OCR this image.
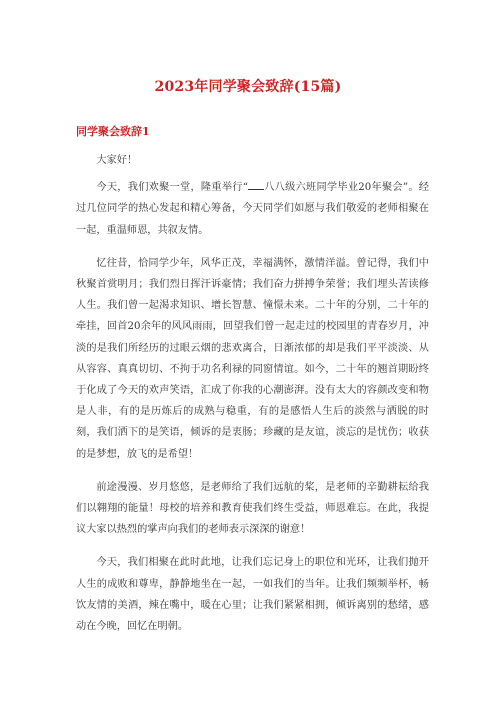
2023年同学聚会致辞(15篇)
同学聚会致辞1

大家好！

今天，我们欢聚一堂，隆重举行“ 八八级六班同学毕业20年聚会”。经过几位同学的热心发起和精心筹备，今天同学们如愿与我们敬爱的老师相聚在一起，重温师恩，共叙友情。

忆往昔，恰同学少年，风华正茂，幸福满怀，激情洋溢。曾记得，我们中秋聚首赏明月；我们烈日挥汗诉豪情；我们奋力拼搏争荣誉；我们埋头苦读修人生。我们曾一起渴求知识、增长智慧、憧憬未来。二十年的分别，二十年的牵挂，回首20余年的风风雨雨，回望我们曾一起走过的校园里的青春岁月，冲淡的是我们所经历的过眼云烟的悲欢离合，日渐浓郁的却是我们平平淡淡、从从容容、真真切切、不拘于功名利禄的同窗情谊。如今，二十年的翘首期盼终于化成了今天的欢声笑语，汇成了你我的心潮澎湃。没有太大的容颜改变和物是人非，有的是历炼后的成熟与稳重，有的是感悟人生后的淡然与洒脱的时刻，我们洒下的是笑语，倾诉的是衷肠；珍藏的是友谊，淡忘的是忧伤；收获的是梦想，放飞的是希望！

前途漫漫、岁月悠悠，是老师给了我们远航的桨，是老师的辛勤耕耘给我们以翱翔的能量！母校的培养和教育使我们终生受益，师恩难忘。在此，我提议大家以热烈的掌声向我们的老师表示深深的谢意！

今天，我们相聚在此时此地，让我们忘记身上的职位和光环，让我们抛开人生的成败和尊卑，静静地坐在一起，一如我们的当年。让我们频频举杯，畅饮友情的美酒，辣在嘴中，暖在心里；让我们紧紧相拥，倾诉离别的愁绪，感动在今晚，回忆在明朝。
